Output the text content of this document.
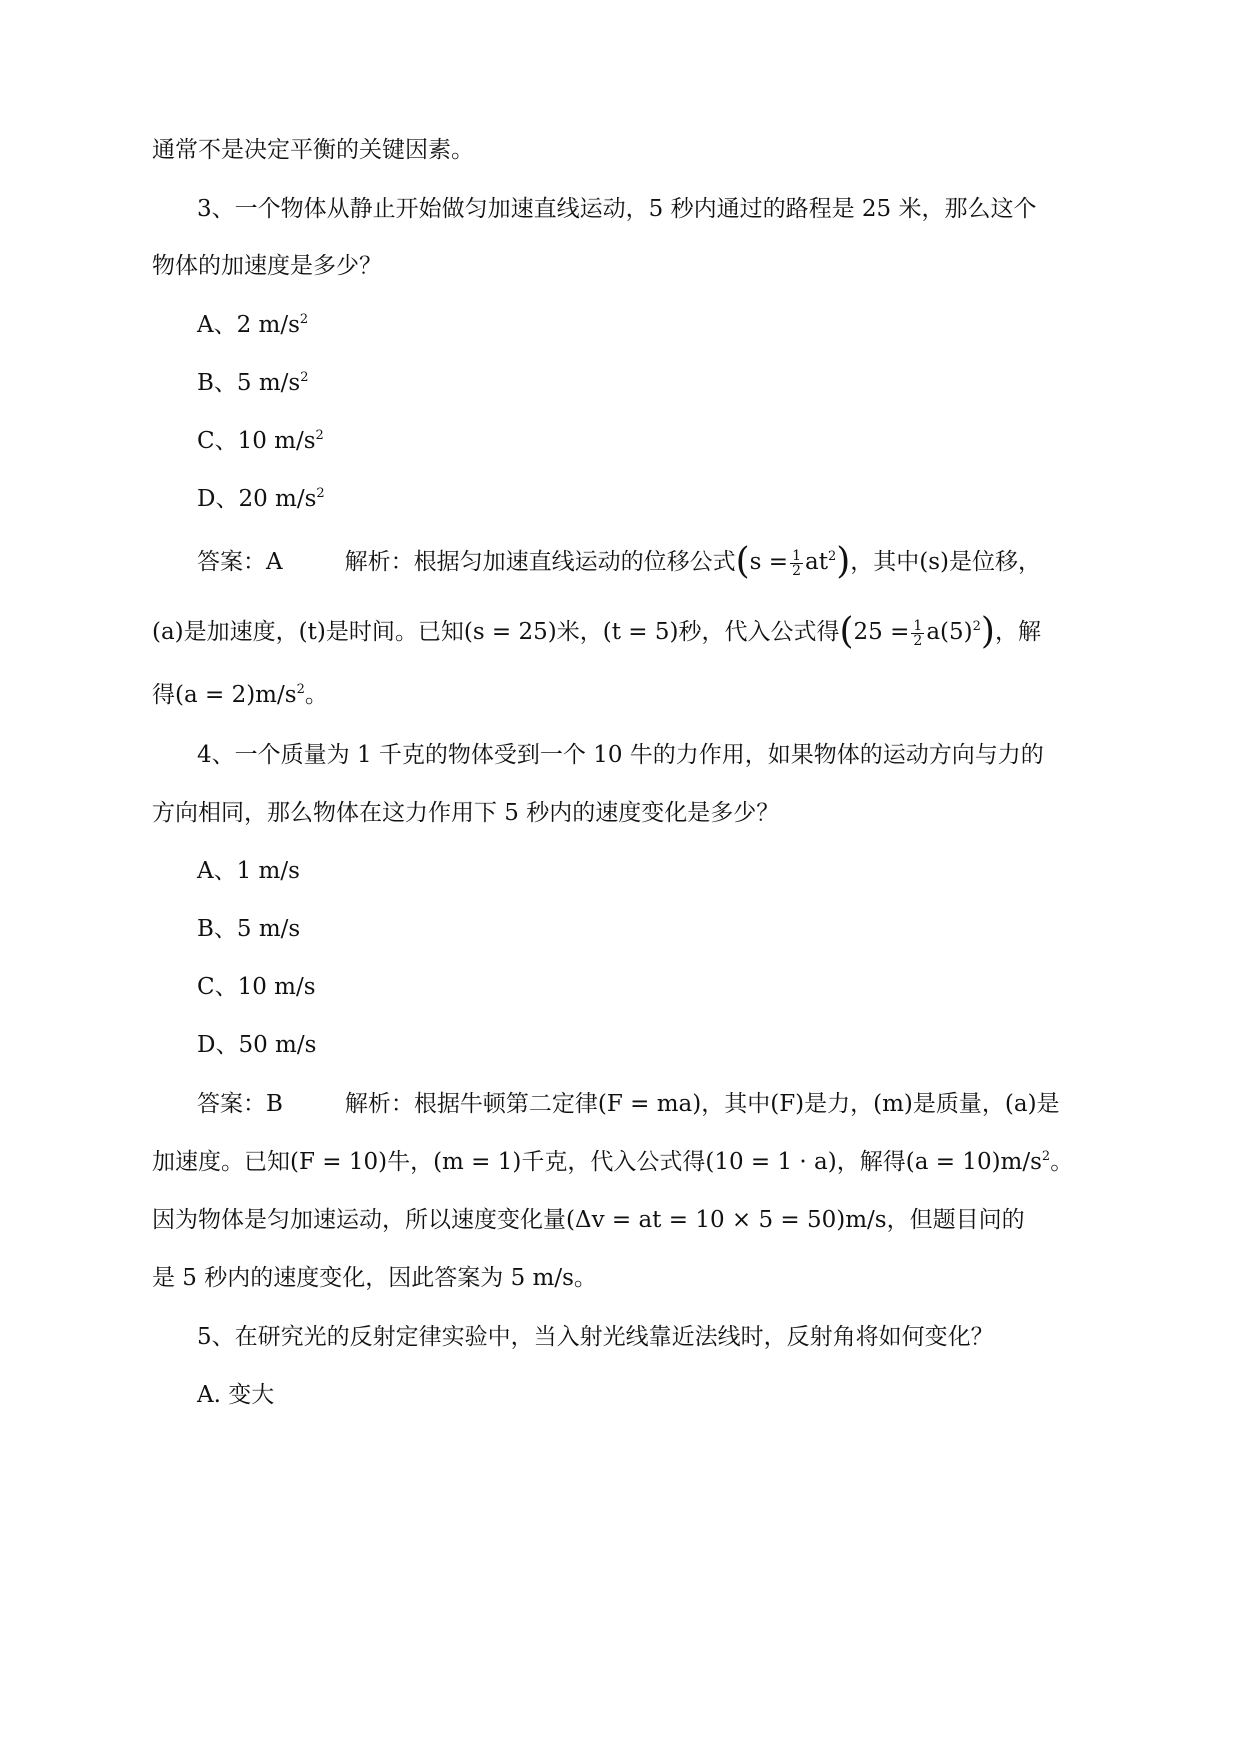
通常不是决定平衡的关键因素。
3、一个物体从静止开始做匀加速直线运动，5 秒内通过的路程是 25 米，那么这个
物体的加速度是多少？
A、2 $m/s^2$
B、5 $m/s^2$
C、10 $m/s^2$
D、20 $m/s^2$
答案：A	解析：根据匀加速直线运动的位移公式$(s = \frac{1}{2} at^2)$，其中(s)是位移，
(a)是加速度，(t)是时间。已知(s = 25)米，(t = 5)秒，代入公式得$(25 = \frac{1}{2} a(5)^2)$，解
得$(a = 2)m/s^2$。
4、一个质量为 1 千克的物体受到一个 10 牛的力作用，如果物体的运动方向与力的
方向相同，那么物体在这力作用下 5 秒内的速度变化是多少？
A、1 m/s
B、5 m/s
C、10 m/s
D、50 m/s
答案：B	解析：根据牛顿第二定律(F = ma)，其中(F)是力，(m)是质量，(a)是
加速度。已知(F = 10)牛，(m = 1)千克，代入公式得(10 = 1 · a)，解得$(a = 10)m/s^2$。
因为物体是匀加速运动，所以速度变化量(Δv = at = 10 × 5 = 50)m/s，但题目问的
是 5 秒内的速度变化，因此答案为 5 m/s。
5、在研究光的反射定律实验中，当入射光线靠近法线时，反射角将如何变化？
A. 变大
